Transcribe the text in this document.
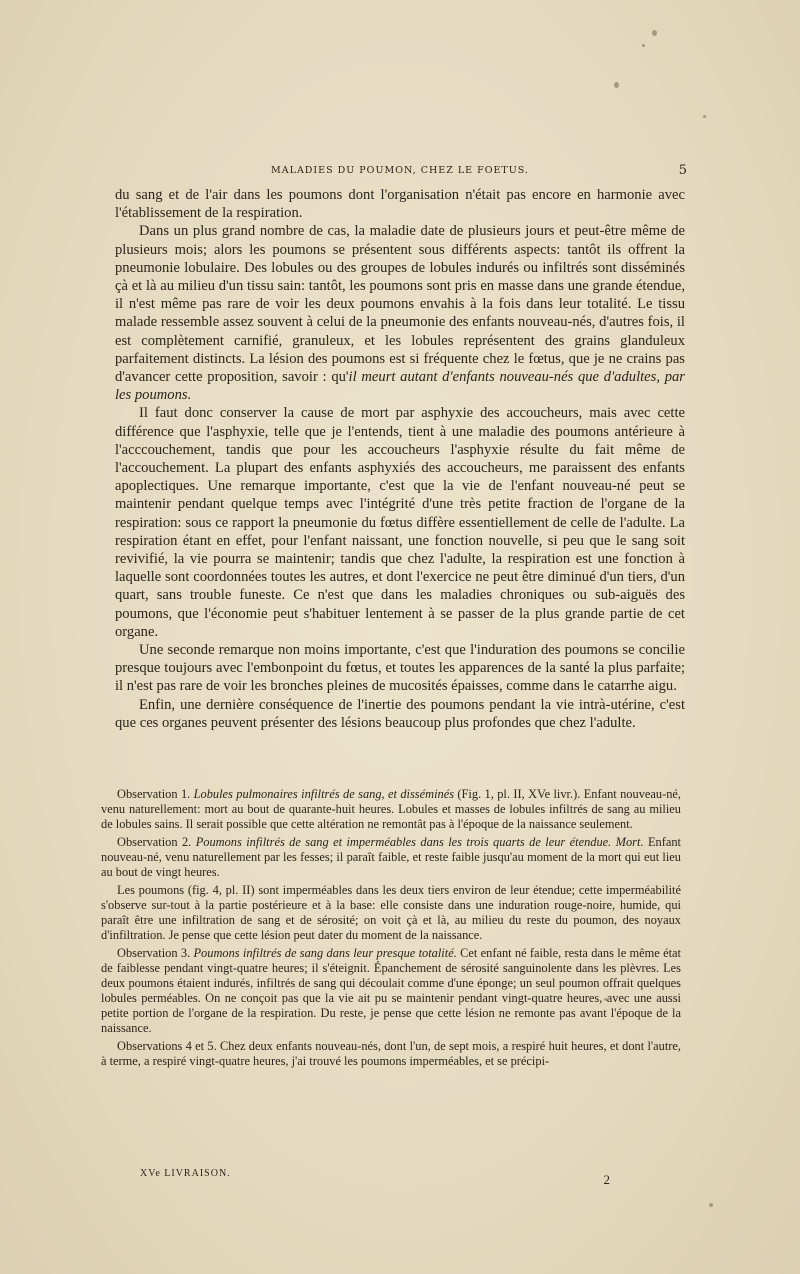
MALADIES DU POUMON, CHEZ LE FOETUS.	5

du sang et de l'air dans les poumons dont l'organisation n'était pas encore en harmonie avec l'établissement de la respiration.

Dans un plus grand nombre de cas, la maladie date de plusieurs jours et peut-être même de plusieurs mois; alors les poumons se présentent sous différents aspects: tantôt ils offrent la pneumonie lobulaire. Des lobules ou des groupes de lobules indurés ou infiltrés sont disséminés çà et là au milieu d'un tissu sain: tantôt, les poumons sont pris en masse dans une grande étendue, il n'est même pas rare de voir les deux poumons envahis à la fois dans leur totalité. Le tissu malade ressemble assez souvent à celui de la pneumonie des enfants nouveau-nés, d'autres fois, il est complètement carnifié, granuleux, et les lobules représentent des grains glanduleux parfaitement distincts. La lésion des poumons est si fréquente chez le fœtus, que je ne crains pas d'avancer cette proposition, savoir : qu'il meurt autant d'enfants nouveau-nés que d'adultes, par les poumons.

Il faut donc conserver la cause de mort par asphyxie des accoucheurs, mais avec cette différence que l'asphyxie, telle que je l'entends, tient à une maladie des poumons antérieure à l'acccouchement, tandis que pour les accoucheurs l'asphyxie résulte du fait même de l'accouchement. La plupart des enfants asphyxiés des accoucheurs, me paraissent des enfants apoplectiques. Une remarque importante, c'est que la vie de l'enfant nouveau-né peut se maintenir pendant quelque temps avec l'intégrité d'une très petite fraction de l'organe de la respiration: sous ce rapport la pneumonie du fœtus diffère essentiellement de celle de l'adulte. La respiration étant en effet, pour l'enfant naissant, une fonction nouvelle, si peu que le sang soit revivifié, la vie pourra se maintenir; tandis que chez l'adulte, la respiration est une fonction à laquelle sont coordonnées toutes les autres, et dont l'exercice ne peut être diminué d'un tiers, d'un quart, sans trouble funeste. Ce n'est que dans les maladies chroniques ou sub-aiguës des poumons, que l'économie peut s'habituer lentement à se passer de la plus grande partie de cet organe.

Une seconde remarque non moins importante, c'est que l'induration des poumons se concilie presque toujours avec l'embonpoint du fœtus, et toutes les apparences de la santé la plus parfaite; il n'est pas rare de voir les bronches pleines de mucosités épaisses, comme dans le catarrhe aigu.

Enfin, une dernière conséquence de l'inertie des poumons pendant la vie intrà-utérine, c'est que ces organes peuvent présenter des lésions beaucoup plus profondes que chez l'adulte.

Observation 1. Lobules pulmonaires infiltrés de sang, et disséminés (Fig. 1, pl. II, XVe livr.). Enfant nouveau-né, venu naturellement: mort au bout de quarante-huit heures. Lobules et masses de lobules infiltrés de sang au milieu de lobules sains. Il serait possible que cette altération ne remontât pas à l'époque de la naissance seulement.

Observation 2. Poumons infiltrés de sang et imperméables dans les trois quarts de leur étendue. Mort. Enfant nouveau-né, venu naturellement par les fesses; il paraît faible, et reste faible jusqu'au moment de la mort qui eut lieu au bout de vingt heures.

Les poumons (fig. 4, pl. II) sont imperméables dans les deux tiers environ de leur étendue; cette imperméabilité s'observe sur-tout à la partie postérieure et à la base: elle consiste dans une induration rouge-noire, humide, qui paraît être une infiltration de sang et de sérosité; on voit çà et là, au milieu du reste du poumon, des noyaux d'infiltration. Je pense que cette lésion peut dater du moment de la naissance.

Observation 3. Poumons infiltrés de sang dans leur presque totalité. Cet enfant né faible, resta dans le même état de faiblesse pendant vingt-quatre heures; il s'éteignit. Épanchement de sérosité sanguinolente dans les plèvres. Les deux poumons étaient indurés, infiltrés de sang qui découlait comme d'une éponge; un seul poumon offrait quelques lobules perméables. On ne conçoit pas que la vie ait pu se maintenir pendant vingt-quatre heures, avec une aussi petite portion de l'organe de la respiration. Du reste, je pense que cette lésion ne remonte pas avant l'époque de la naissance.

Observations 4 et 5. Chez deux enfants nouveau-nés, dont l'un, de sept mois, a respiré huit heures, et dont l'autre, à terme, a respiré vingt-quatre heures, j'ai trouvé les poumons imperméables, et se précipi-

XVe LIVRAISON.	2
